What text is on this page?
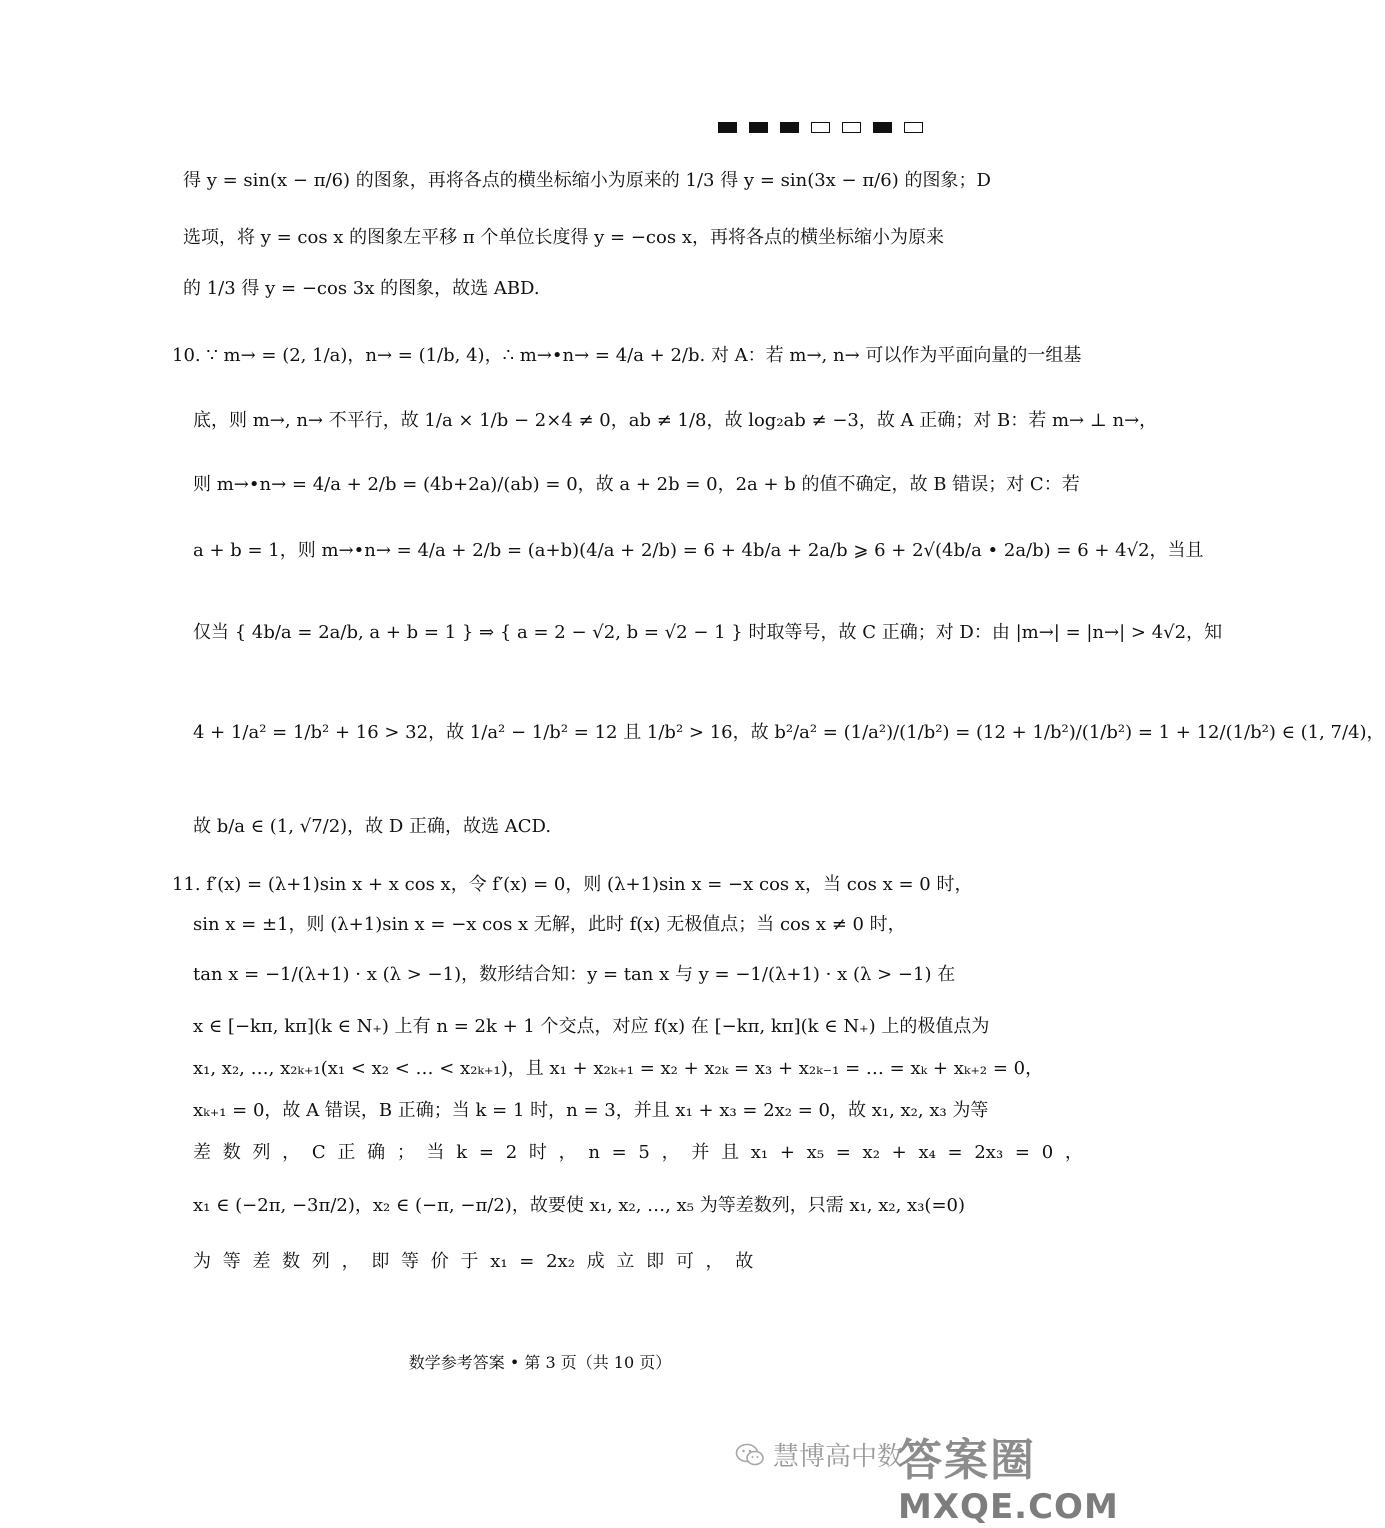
得 y = sin(x − π/6) 的图象，再将各点的横坐标缩小为原来的 1/3 得 y = sin(3x − π/6) 的图象；D
选项，将 y = cos x 的图象左平移 π 个单位长度得 y = −cos x，再将各点的横坐标缩小为原来
的 1/3 得 y = −cos 3x 的图象，故选 ABD.
10. ∵ m→ = (2, 1/a)，n→ = (1/b, 4)，∴ m→•n→ = 4/a + 2/b. 对 A：若 m→, n→ 可以作为平面向量的一组基
底，则 m→, n→ 不平行，故 1/a × 1/b − 2×4 ≠ 0，ab ≠ 1/8，故 log₂ab ≠ −3，故 A 正确；对 B：若 m→ ⊥ n→，
则 m→•n→ = 4/a + 2/b = (4b+2a)/(ab) = 0，故 a + 2b = 0，2a + b 的值不确定，故 B 错误；对 C：若
a + b = 1，则 m→•n→ = 4/a + 2/b = (a+b)(4/a + 2/b) = 6 + 4b/a + 2a/b ⩾ 6 + 2√(4b/a • 2a/b) = 6 + 4√2，当且
仅当 { 4b/a = 2a/b, a + b = 1 } ⇒ { a = 2 − √2, b = √2 − 1 } 时取等号，故 C 正确；对 D：由 |m→| = |n→| > 4√2，知
4 + 1/a² = 1/b² + 16 > 32，故 1/a² − 1/b² = 12 且 1/b² > 16，故 b²/a² = (1/a²)/(1/b²) = (12 + 1/b²)/(1/b²) = 1 + 12/(1/b²) ∈ (1, 7/4)，
故 b/a ∈ (1, √7/2)，故 D 正确，故选 ACD.
11. f′(x) = (λ+1)sin x + x cos x，令 f′(x) = 0，则 (λ+1)sin x = −x cos x，当 cos x = 0 时，
sin x = ±1，则 (λ+1)sin x = −x cos x 无解，此时 f(x) 无极值点；当 cos x ≠ 0 时，
tan x = −1/(λ+1) · x (λ > −1)，数形结合知：y = tan x 与 y = −1/(λ+1) · x (λ > −1) 在
x ∈ [−kπ, kπ](k ∈ N₊) 上有 n = 2k + 1 个交点，对应 f(x) 在 [−kπ, kπ](k ∈ N₊) 上的极值点为
x₁, x₂, …, x₂ₖ₊₁(x₁ < x₂ < … < x₂ₖ₊₁)，且 x₁ + x₂ₖ₊₁ = x₂ + x₂ₖ = x₃ + x₂ₖ₋₁ = … = xₖ + xₖ₊₂ = 0，
xₖ₊₁ = 0，故 A 错误，B 正确；当 k = 1 时，n = 3，并且 x₁ + x₃ = 2x₂ = 0，故 x₁, x₂, x₃ 为等
差 数 列 ， C 正 确 ； 当 k = 2 时 ， n = 5 ， 并 且 x₁ + x₅ = x₂ + x₄ = 2x₃ = 0 ，
x₁ ∈ (−2π, −3π/2)，x₂ ∈ (−π, −π/2)，故要使 x₁, x₂, …, x₅ 为等差数列，只需 x₁, x₂, x₃(=0)
为 等 差 数 列 ， 即 等 价 于 x₁ = 2x₂ 成 立 即 可 ， 故
数学参考答案 • 第 3 页（共 10 页）
慧博高中数
答案圈
MXQE.COM
